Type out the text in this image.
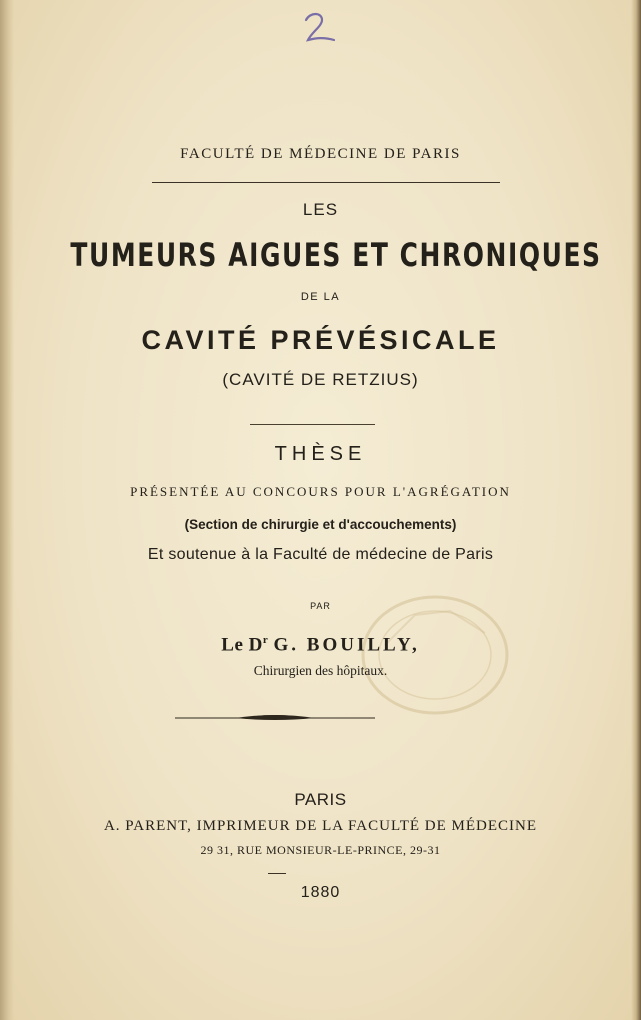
FACULTÉ DE MÉDECINE DE PARIS
LES
TUMEURS AIGUES ET CHRONIQUES
DE LA
CAVITÉ PRÉVÉSICALE
(CAVITÉ DE RETZIUS)
THÈSE
PRÉSENTÉE AU CONCOURS POUR L'AGRÉGATION
(Section de chirurgie et d'accouchements)
Et soutenue à la Faculté de médecine de Paris
PAR
Le $D^r$ G. BOUILLY,
Chirurgien des hôpitaux.
PARIS
A. PARENT, IMPRIMEUR DE LA FACULTÉ DE MÉDECINE
29 31, RUE MONSIEUR-LE-PRINCE, 29-31
1880
